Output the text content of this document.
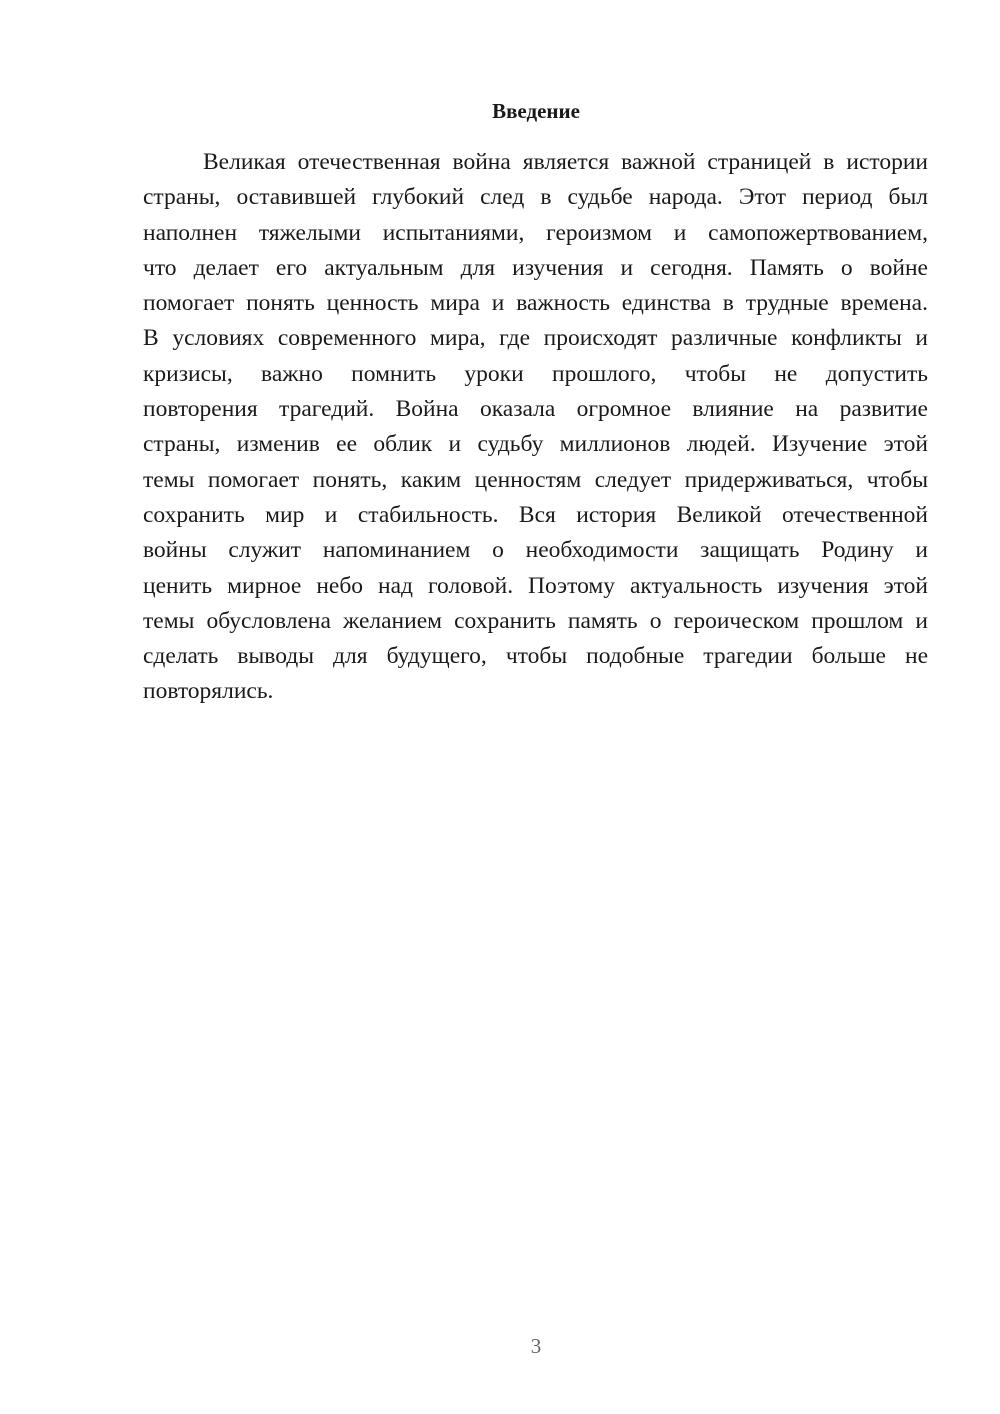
Введение
Великая отечественная война является важной страницей в истории
страны, оставившей глубокий след в судьбе народа. Этот период был
наполнен тяжелыми испытаниями, героизмом и самопожертвованием,
что делает его актуальным для изучения и сегодня. Память о войне
помогает понять ценность мира и важность единства в трудные времена.
В условиях современного мира, где происходят различные конфликты и
кризисы, важно помнить уроки прошлого, чтобы не допустить
повторения трагедий. Война оказала огромное влияние на развитие
страны, изменив ее облик и судьбу миллионов людей. Изучение этой
темы помогает понять, каким ценностям следует придерживаться, чтобы
сохранить мир и стабильность. Вся история Великой отечественной
войны служит напоминанием о необходимости защищать Родину и
ценить мирное небо над головой. Поэтому актуальность изучения этой
темы обусловлена желанием сохранить память о героическом прошлом и
сделать выводы для будущего, чтобы подобные трагедии больше не
повторялись.
3
